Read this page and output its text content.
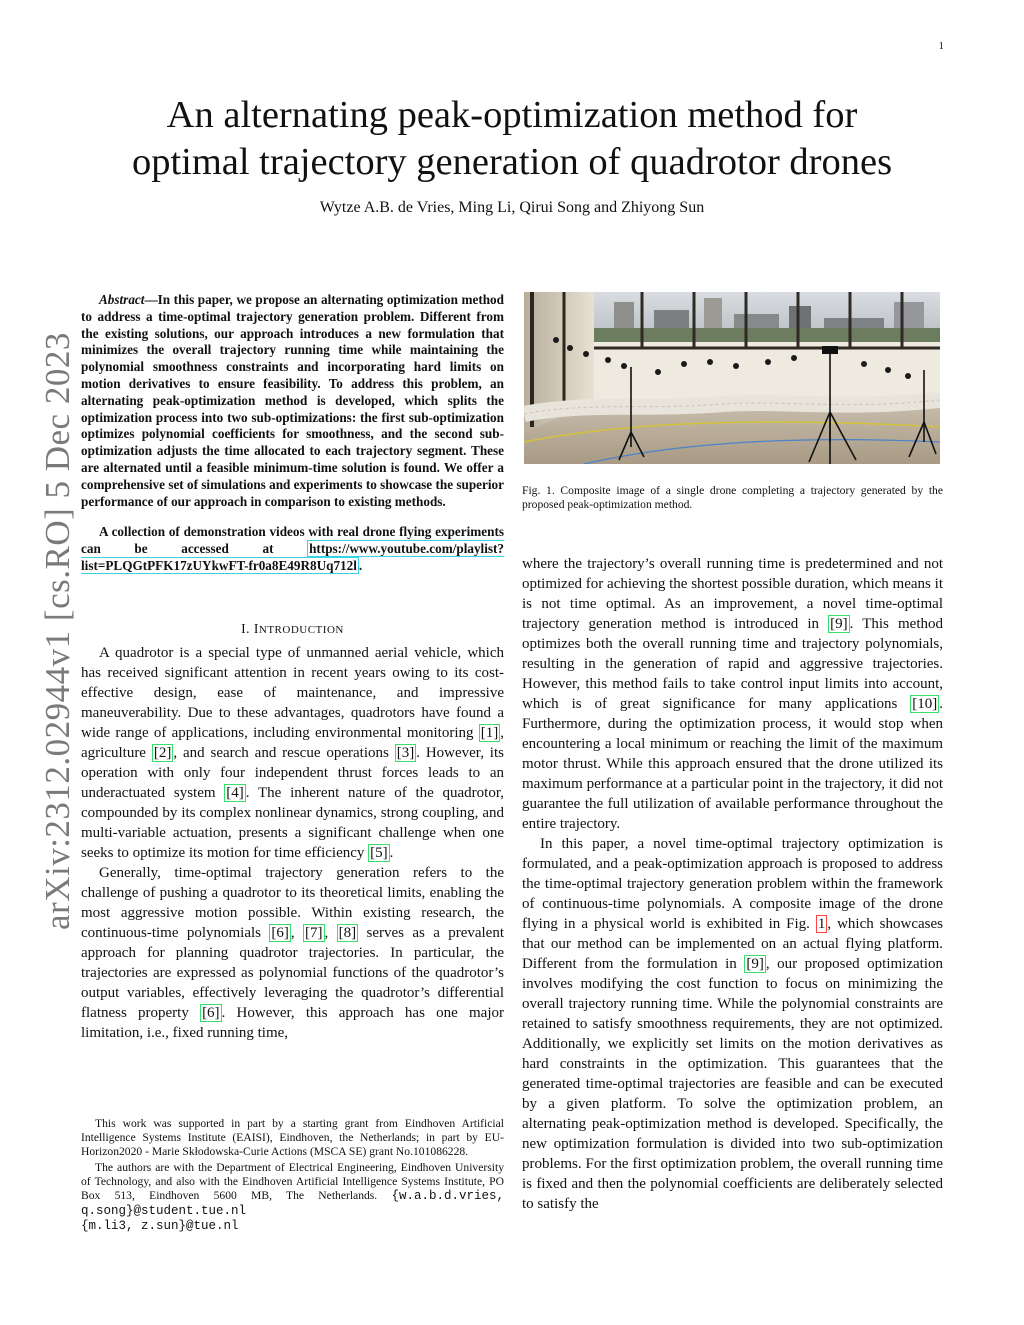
1
arXiv:2312.02944v1 [cs.RO] 5 Dec 2023
An alternating peak-optimization method for
optimal trajectory generation of quadrotor drones
Wytze A.B. de Vries, Ming Li, Qirui Song and Zhiyong Sun

Abstract—In this paper, we propose an alternating optimization method to address a time-optimal trajectory generation problem. Different from the existing solutions, our approach introduces a new formulation that minimizes the overall trajectory running time while maintaining the polynomial smoothness constraints and incorporating hard limits on motion derivatives to ensure feasibility. To address this problem, an alternating peak-optimization method is developed, which splits the optimization process into two sub-optimizations: the first sub-optimization optimizes polynomial coefficients for smoothness, and the second sub-optimization adjusts the time allocated to each trajectory segment. These are alternated until a feasible minimum-time solution is found. We offer a comprehensive set of simulations and experiments to showcase the superior performance of our approach in comparison to existing methods.

A collection of demonstration videos with real drone flying experiments can be accessed at https://www.youtube.com/playlist?list=PLQGtPFK17zUYkwFT-fr0a8E49R8Uq712l .

I. INTRODUCTION

A quadrotor is a special type of unmanned aerial vehicle, which has received significant attention in recent years owing to its cost-effective design, ease of maintenance, and impressive maneuverability. Due to these advantages, quadrotors have found a wide range of applications, including environmental monitoring [1] , agriculture [2] , and search and rescue operations [3] . However, its operation with only four independent thrust forces leads to an underactuated system [4] . The inherent nature of the quadrotor, compounded by its complex nonlinear dynamics, strong coupling, and multi-variable actuation, presents a significant challenge when one seeks to optimize its motion for time efficiency [5] .

Generally, time-optimal trajectory generation refers to the challenge of pushing a quadrotor to its theoretical limits, enabling the most aggressive motion possible. Within existing research, the continuous-time polynomials [6] , [7] , [8] serves as a prevalent approach for planning quadrotor trajectories. In particular, the trajectories are expressed as polynomial functions of the quadrotor’s output variables, effectively leveraging the quadrotor’s differential flatness property [6] . However, this approach has one major limitation, i.e., fixed running time,

This work was supported in part by a starting grant from Eindhoven Artificial Intelligence Systems Institute (EAISI), Eindhoven, the Netherlands; in part by EU-Horizon2020 - Marie Skłodowska-Curie Actions (MSCA SE) grant No.101086228.

The authors are with the Department of Electrical Engineering, Eindhoven University of Technology, and also with the Eindhoven Artificial Intelligence Systems Institute, PO Box 513, Eindhoven 5600 MB, The Netherlands. {w.a.b.d.vries, q.song}@student.tue.nl
{m.li3, z.sun}@tue.nl

Fig. 1. Composite image of a single drone completing a trajectory generated by the proposed peak-optimization method.

where the trajectory’s overall running time is predetermined and not optimized for achieving the shortest possible duration, which means it is not time optimal. As an improvement, a novel time-optimal trajectory generation method is introduced in [9] . This method optimizes both the overall running time and trajectory polynomials, resulting in the generation of rapid and aggressive trajectories. However, this method fails to take control input limits into account, which is of great significance for many applications [10] . Furthermore, during the optimization process, it would stop when encountering a local minimum or reaching the limit of the maximum motor thrust. While this approach ensured that the drone utilized its maximum performance at a particular point in the trajectory, it did not guarantee the full utilization of available performance throughout the entire trajectory.

In this paper, a novel time-optimal trajectory optimization is formulated, and a peak-optimization approach is proposed to address the time-optimal trajectory generation problem within the framework of continuous-time polynomials. A composite image of the drone flying in a physical world is exhibited in Fig. 1 , which showcases that our method can be implemented on an actual flying platform. Different from the formulation in [9] , our proposed optimization involves modifying the cost function to focus on minimizing the overall trajectory running time. While the polynomial constraints are retained to satisfy smoothness requirements, they are not optimized. Additionally, we explicitly set limits on the motion derivatives as hard constraints in the optimization. This guarantees that the generated time-optimal trajectories are feasible and can be executed by a given platform. To solve the optimization problem, an alternating peak-optimization method is developed. Specifically, the new optimization formulation is divided into two sub-optimization problems. For the first optimization problem, the overall running time is fixed and then the polynomial coefficients are deliberately selected to satisfy the
